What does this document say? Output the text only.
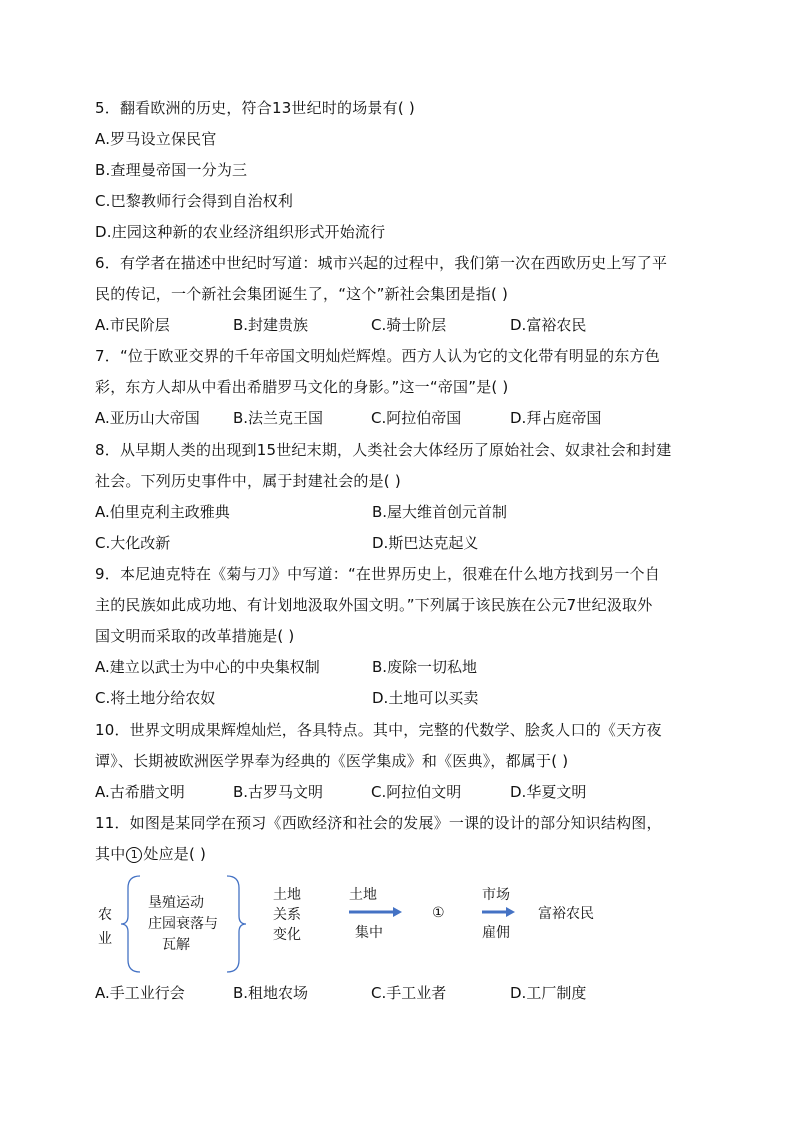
5．翻看欧洲的历史，符合13世纪时的场景有( )
A.罗马设立保民官
B.查理曼帝国一分为三
C.巴黎教师行会得到自治权利
D.庄园这种新的农业经济组织形式开始流行
6．有学者在描述中世纪时写道：城市兴起的过程中，我们第一次在西欧历史上写了平
民的传记，一个新社会集团诞生了，“这个”新社会集团是指( )
A.市民阶层	B.封建贵族	C.骑士阶层	D.富裕农民
7．“位于欧亚交界的千年帝国文明灿烂辉煌。西方人认为它的文化带有明显的东方色
彩，东方人却从中看出希腊罗马文化的身影。”这一“帝国”是( )
A.亚历山大帝国 B.法兰克王国	C.阿拉伯帝国	D.拜占庭帝国
8．从早期人类的出现到15世纪末期，人类社会大体经历了原始社会、奴隶社会和封建
社会。下列历史事件中，属于封建社会的是( )
A.伯里克利主政雅典	B.屋大维首创元首制
C.大化改新	D.斯巴达克起义
9．本尼迪克特在《菊与刀》中写道：“在世界历史上，很难在什么地方找到另一个自
主的民族如此成功地、有计划地汲取外国文明。”下列属于该民族在公元7世纪汲取外
国文明而采取的改革措施是( )
A.建立以武士为中心的中央集权制	B.废除一切私地
C.将土地分给农奴	D.土地可以买卖
10．世界文明成果辉煌灿烂，各具特点。其中，完整的代数学、脍炙人口的《天方夜
谭》、长期被欧洲医学界奉为经典的《医学集成》和《医典》，都属于( )
A.古希腊文明	B.古罗马文明	C.阿拉伯文明	D.华夏文明
11．如图是某同学在预习《西欧经济和社会的发展》一课的设计的部分知识结构图，
其中 1 处应是( )
农
业
垦殖运动
庄园衰落与
瓦解
土地
关系
变化
土地
集中
①
市场
雇佣
富裕农民
A.手工业行会	B.租地农场	C.手工业者	D.工厂制度
